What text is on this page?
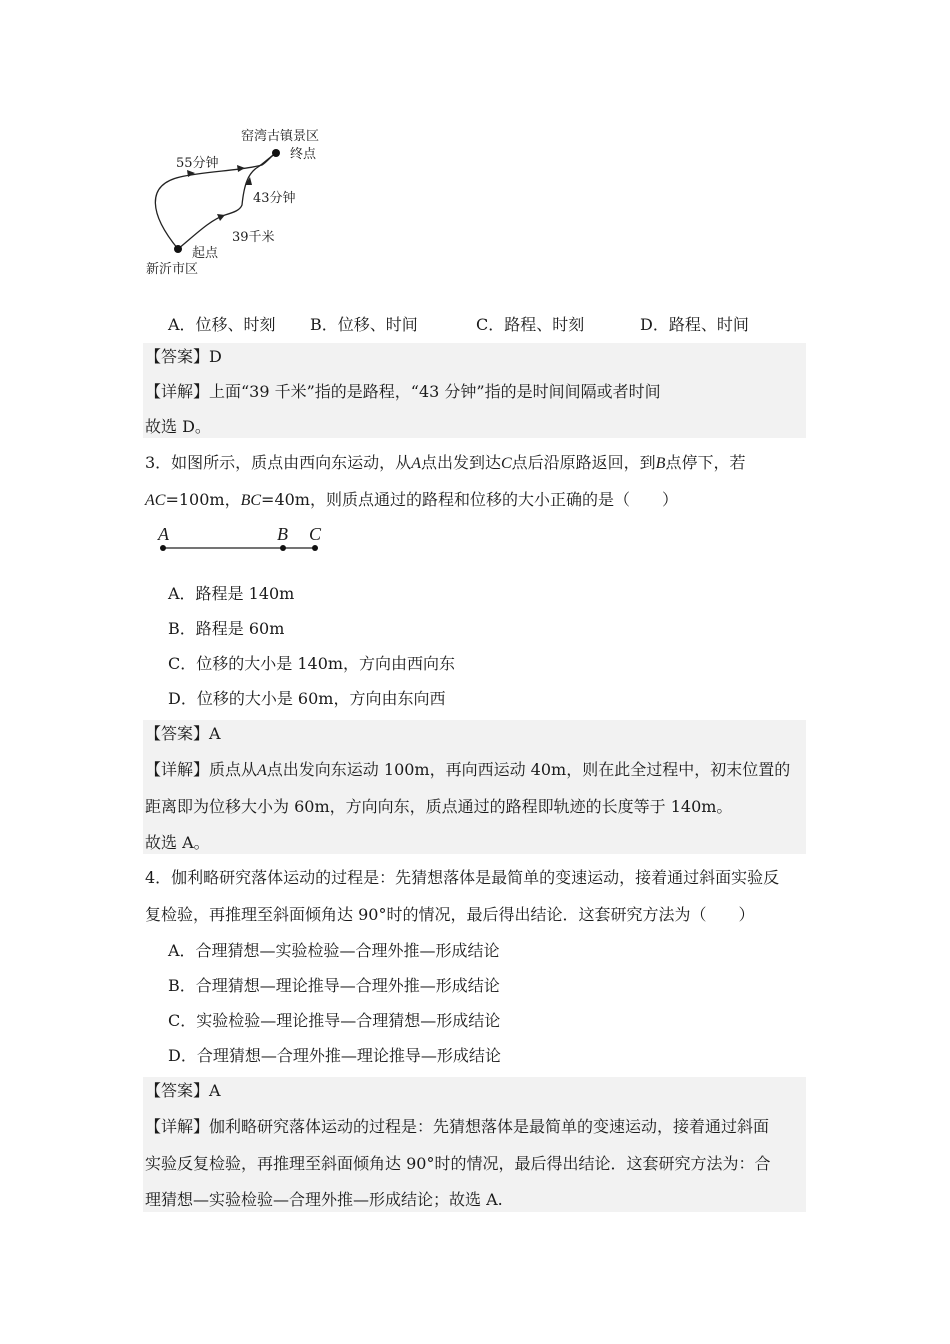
窑湾古镇景区
终点
55分钟
43分钟
39千米
起点
新沂市区
A．位移、时刻 B．位移、时间	C．路程、时刻	D．路程、时间
【答案】D
【详解】上面“39 千米”指的是路程，“43 分钟”指的是时间间隔或者时间
故选 D。
3．如图所示，质点由西向东运动，从A点出发到达C点后沿原路返回，到B点停下，若
AC=100m，BC=40m，则质点通过的路程和位移的大小正确的是（　　）
A	B C
A．路程是 140m
B．路程是 60m
C．位移的大小是 140m，方向由西向东
D．位移的大小是 60m，方向由东向西
【答案】A
【详解】质点从A点出发向东运动 100m，再向西运动 40m，则在此全过程中，初末位置的
距离即为位移大小为 60m，方向向东，质点通过的路程即轨迹的长度等于 140m。
故选 A。
4．伽利略研究落体运动的过程是：先猜想落体是最简单的变速运动，接着通过斜面实验反
复检验，再推理至斜面倾角达 90°时的情况，最后得出结论．这套研究方法为（　　）
A．合理猜想—实验检验—合理外推—形成结论
B．合理猜想—理论推导—合理外推—形成结论
C．实验检验—理论推导—合理猜想—形成结论
D．合理猜想—合理外推—理论推导—形成结论
【答案】A
【详解】伽利略研究落体运动的过程是：先猜想落体是最简单的变速运动，接着通过斜面
实验反复检验，再推理至斜面倾角达 90°时的情况，最后得出结论．这套研究方法为：合
理猜想—实验检验—合理外推—形成结论；故选 A.
